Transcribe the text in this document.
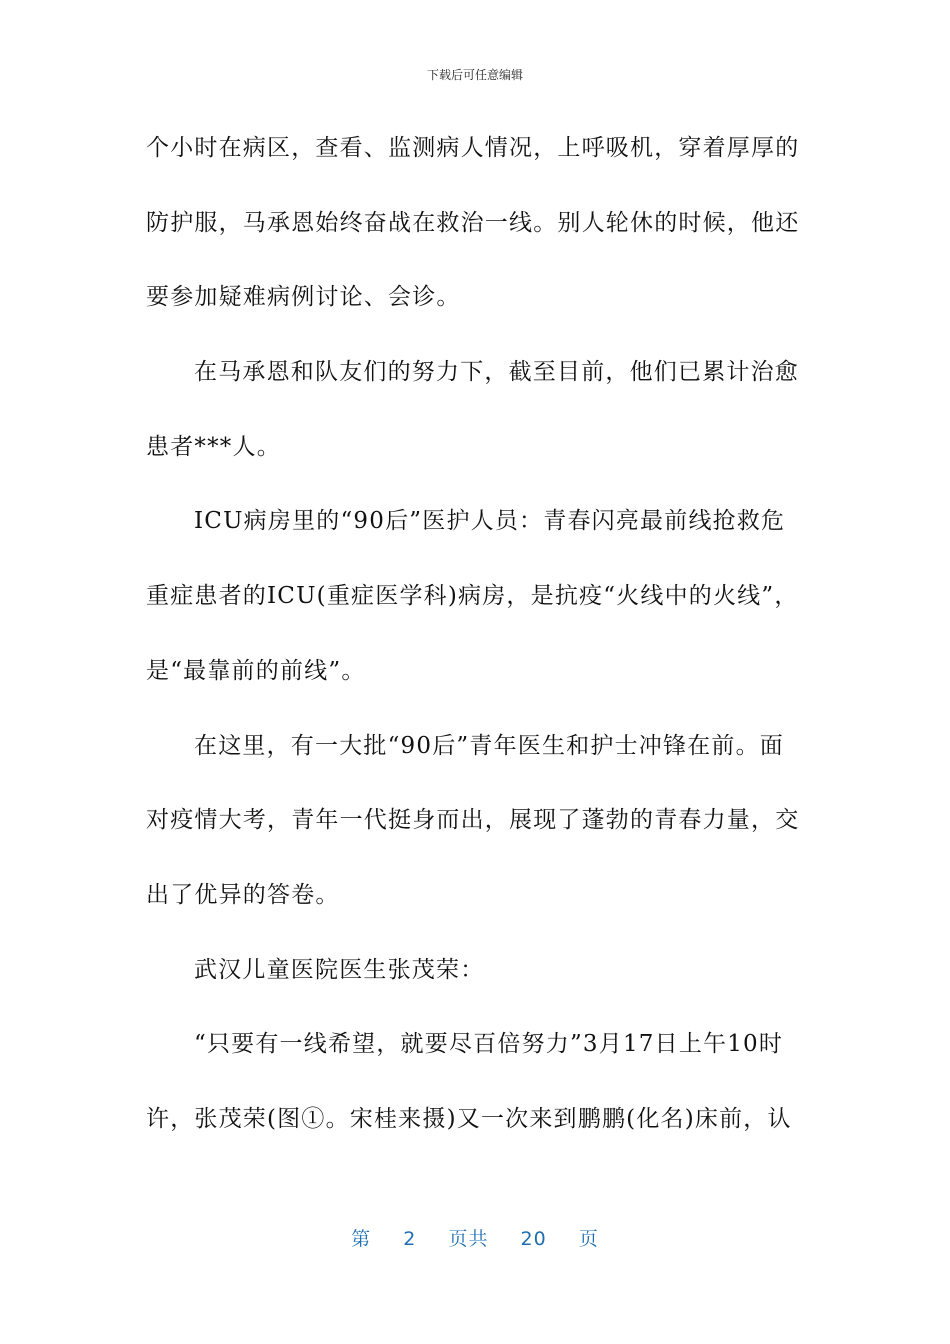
下载后可任意编辑
个小时在病区，查看、监测病人情况，上呼吸机，穿着厚厚的
防护服，马承恩始终奋战在救治一线。别人轮休的时候，他还
要参加疑难病例讨论、会诊。
在马承恩和队友们的努力下，截至目前，他们已累计治愈
患者***人。
ICU病房里的“90后”医护人员：青春闪亮最前线抢救危
重症患者的ICU(重症医学科)病房，是抗疫“火线中的火线”，
是“最靠前的前线”。
在这里，有一大批“90后”青年医生和护士冲锋在前。面
对疫情大考，青年一代挺身而出，展现了蓬勃的青春力量，交
出了优异的答卷。
武汉儿童医院医生张茂荣：
“只要有一线希望，就要尽百倍努力”3月17日上午10时
许，张茂荣(图①。宋桂来摄)又一次来到鹏鹏(化名)床前，认
第 2 页共 20 页
